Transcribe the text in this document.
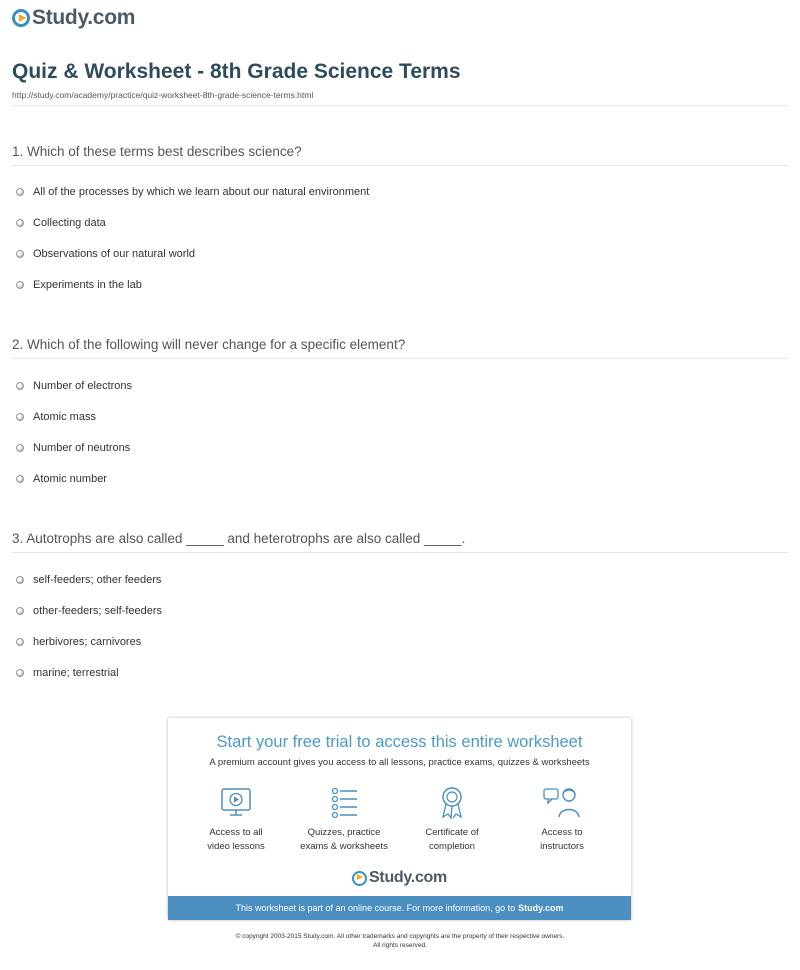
Study.com
Quiz & Worksheet - 8th Grade Science Terms
http://study.com/academy/practice/quiz-worksheet-8th-grade-science-terms.html
1. Which of these terms best describes science?
All of the processes by which we learn about our natural environment
Collecting data
Observations of our natural world
Experiments in the lab
2. Which of the following will never change for a specific element?
Number of electrons
Atomic mass
Number of neutrons
Atomic number
3. Autotrophs are also called _____ and heterotrophs are also called _____.
self-feeders; other feeders
other-feeders; self-feeders
herbivores; carnivores
marine; terrestrial
Start your free trial to access this entire worksheet
A premium account gives you access to all lessons, practice exams, quizzes & worksheets
Access to all
video lessons
Quizzes, practice
exams & worksheets
Certificate of
completion
Access to
instructors
Study.com
This worksheet is part of an online course. For more information, go to Study.com
© copyright 2003-2015 Study.com. All other trademarks and copyrights are the property of their respective owners.
All rights reserved.
